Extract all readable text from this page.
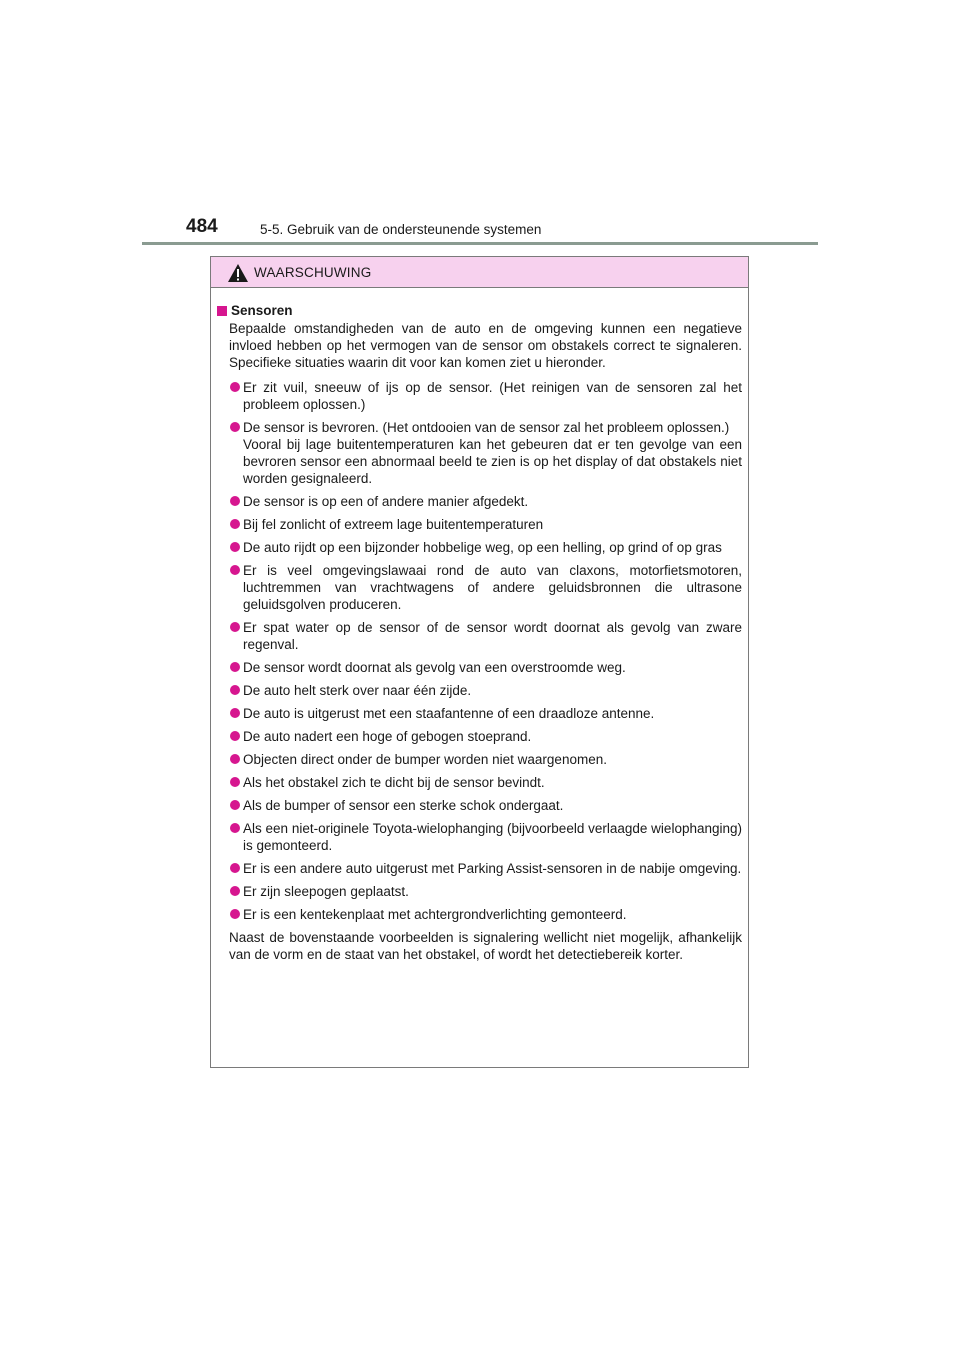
484	5-5. Gebruik van de ondersteunende systemen
WAARSCHUWING
Sensoren
Bepaalde omstandigheden van de auto en de omgeving kunnen een negatieve invloed hebben op het vermogen van de sensor om obstakels correct te signaleren. Specifieke situaties waarin dit voor kan komen ziet u hieronder.
Er zit vuil, sneeuw of ijs op de sensor. (Het reinigen van de sensoren zal het probleem oplossen.)
De sensor is bevroren. (Het ontdooien van de sensor zal het probleem oplossen.)
Vooral bij lage buitentemperaturen kan het gebeuren dat er ten gevolge van een bevroren sensor een abnormaal beeld te zien is op het display of dat obstakels niet worden gesignaleerd.
De sensor is op een of andere manier afgedekt.
Bij fel zonlicht of extreem lage buitentemperaturen
De auto rijdt op een bijzonder hobbelige weg, op een helling, op grind of op gras
Er is veel omgevingslawaai rond de auto van claxons, motorfietsmotoren, luchtremmen van vrachtwagens of andere geluidsbronnen die ultrasone geluidsgolven produceren.
Er spat water op de sensor of de sensor wordt doornat als gevolg van zware regenval.
De sensor wordt doornat als gevolg van een overstroomde weg.
De auto helt sterk over naar één zijde.
De auto is uitgerust met een staafantenne of een draadloze antenne.
De auto nadert een hoge of gebogen stoeprand.
Objecten direct onder de bumper worden niet waargenomen.
Als het obstakel zich te dicht bij de sensor bevindt.
Als de bumper of sensor een sterke schok ondergaat.
Als een niet-originele Toyota-wielophanging (bijvoorbeeld verlaagde wielophanging) is gemonteerd.
Er is een andere auto uitgerust met Parking Assist-sensoren in de nabije omgeving.
Er zijn sleepogen geplaatst.
Er is een kentekenplaat met achtergrondverlichting gemonteerd.
Naast de bovenstaande voorbeelden is signalering wellicht niet mogelijk, afhankelijk van de vorm en de staat van het obstakel, of wordt het detectiebereik korter.
